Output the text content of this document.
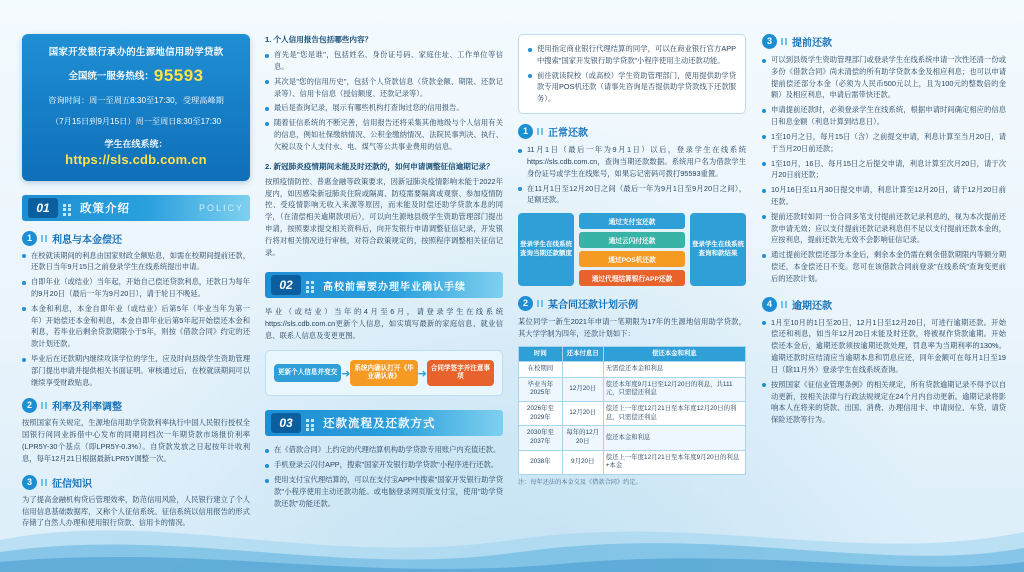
国家开发银行承办的生源地信用助学贷款
全国统一服务热线：95593
咨询时间：周一至周五8:30至17:30，受理高峰期
（7月15日到9月15日）周一至周日8:30至17:30
学生在线系统：
https://sls.cdb.com.cn
01	政策介绍	POLICY
1	利息与本金偿还
在校就读期间的利息由国家财政全额贴息，如需在校期间提前还款，还款日当年9月15日之前登录学生在线系统提出申请。
自即年业（或结业）当年起，开始自己偿还贷款利息，还款日为每年的9月20日（最后一年为9月20日），请于轮日不晚延。
本金和利息，本金自即年业（或结业）后第5年（毕业当年为第一年）开始偿还本金和利息，本金自即年业后第5年起开始偿还本金和利息，若毕业后剩余贷款期限小于5年，则按《借款合同》约定的还款计划还款。
毕业后在还款期内继续攻读学位的学生，应及时向县级学生资助管理部门提出申请并提供相关书面证明。审核通过后，在校就读期间可以继续享受财政贴息。
2	利率及利率调整

按照国家有关规定，生源地信用助学贷款利率执行中国人民银行授权全国银行间同业拆借中心发布的同期同档次一年期贷款市场报价利率(LPR5Y-30个基点（即LPR5Y-0.3%）。自贷款发放之日起按年计收利息，每年12月21日根据最新LPR5Y调整一次。

3	征信知识

为了提高金融机构贷后管理效率，防范信用风险，人民银行建立了个人信用信息基础数据库，又称个人征信系统。征信系统以信用报告的形式存储了自然人办理和使用银行贷款、信用卡的情况。

1. 个人信用报告包括哪些内容？
首先是"您是谁"，包括姓名、身份证号码、家庭住址、工作单位等信息。
其次是"您的信用历史"，包括个人贷款信息（贷款金额、期限、还款记录等）、信用卡信息（授信额度、还款记录等）。
最后是查询记录，展示有哪些机构打查询过您的信用报告。
随着征信系统的不断完善，信用报告还将采集其他地级与个人信用有关的信息，例如社保缴纳情况、公积金缴纳情况、法院民事判决、执行、欠税以及个人支付水、电、煤气等公共事业费用的信息。
2. 新冠肺炎疫情期间未能及时还款的，如何申请调整征信逾期记录？

按照疫情防控、普惠金融等政策要求，因新冠肺炎疫情影响未能于2022年度内，如因感染新冠肺炎住院或隔离、防疫需要隔离或观察、参加疫情防控、受疫情影响无收入来源等原因，而未能及时偿还助学贷款本息的同学，（在清偿相关逾期款项后），可以向生源地县级学生资助管理部门提出申请，按照要求提交相关资料后，向开发银行申请调整征信记录，开发银行将对相关情况进行审核，对符合政策规定的，按照程序调整相关征信记录。

02	高校前需要办理毕业确认手续

毕业（或结业）当年的4月至6月，请登录学生在线系统 https://sls.cdb.com.cn更新个人信息，如实填写最新的家庭信息、就业信息、联系人信息及变更更图。

更新个人信息并变交 ➜ 系统内确认打开《毕业确认表》	➜ 合同学签字并注意事项
03	还款流程及还款方式
在《借款合同》上约定的代理结算机构助学贷款专用账户内充值还款。
手机登录云闪付APP，搜索"国家开发银行助学贷款"小程序进行还款。
使用支付宝代理结算的，可以在支付宝APP中搜索"国家开发银行助学贷款"小程序使用主动还款功能。或电脑登录网页版支付宝，使用"助学贷款还款"功能还款。
使用指定商业银行代理结算的同学，可以在商业银行官方APP中搜索"国家开发银行助学贷款"小程序使用主动还款功能。
前往就读院校（或高校）学生资助管理部门，使用提供助学贷款专用POS机还款（请事先咨询是否提供助学贷款线下还款服务）。
1	正常还款
11月1日（最后一年为9月1日）以后，登录学生在线系统 https://sls.cdb.com.cn，查询当期还款数据。系统用户名为借款学生身份证号或学生在线账号，如果忘记密码可拨打95593重置。
在11月1日至12月20日之间（最后一年为9月1日至9月20日之间），足额还款。
登录学生在线系统查询当期还款额度
通过支付宝还款
通过云闪付还款
通过POS机还款
通过代理结算银行APP还款
登录学生在线系统查询和款结果
2	某合同还款计划示例

某位同学一新生2021年申请一笔期限为17年的生源地信用助学贷款，其大学学制为四年，还款计划如下：

时间	还本付息日	偿还本金和利息
在校期间		无需偿还本金和利息
毕业当年2025年	12月20日	偿还本年度9月1日至12月20日的利息，共111元，只需偿还利息
2026年至2029年	12月20日	偿还上一年度12月21日至本年度12月20日的利息，只需偿还利息
2030年至2037年	每年的12月20日	偿还本金和利息
2038年	9月20日	偿还上一年度12月21日至本年度9月20日的利息+本金
注：每年还法的本金交及《借款合同》约定。
3	提前还款
可以到县级学生资助管理部门或登录学生在线系统申请一次性还清一份或多份《借款合同》尚未清偿的所有助学贷款本金及相应利息；也可以申请提前偿还部分本金（必须为人民币500元以上，且为100元的整数倍的金额）及相应利息，申请后需带快还款。
申请提前还款时，必须登录学生在线系统，根据申请时间确定相应的信息日和息金额（利息计算到结息日）。
1至10月之日，每月15日（含）之前提交申请，利息计算至当月20日，请于当月20日前还款；
1至10月，16日、每月15日之后提交申请，利息计算至次月20日，请于次月20日前还款；
10月16日至11月30日提交申请，利息计算至12月20日，请于12月20日前还款。
提前还款时如同一份合同多笔支付提前还款记录利息的，视为本次提前还款申请无效；应以支付提前还款记录利息但不足以支付提前还款本金的，应按利息，提前还款先无效不会影响征信记录。
通过提前还款偿还部分本金后，剩余本金仍需在剩余借款期限内等额分期偿还，本金偿还日不变。您可在该借款合同前登录"在线系统"查询变更前后的还款计划。
4	逾期还款
1月至10月的1日至20日，12月1日至12月20日，可进行逾期还款。开始偿还和利息，如当年12月20日未能及时还款，将被视作贷款逾期。开始偿还本金后，逾期还款须按逾期还款处理，罚息率为当期利率的130%。逾期还款时应结清应当逾期本息和罚息应还，同年金额可在每月1日至19日（除11月外）登录学生在线系统查询。
按照国家《征信业管理条例》的相关规定，所有贷款逾期记录不得予以自动更新，按相关法律与行政法规规定在24个月内自动更新。逾期记录将影响本人在将来的贷款、出国、消费、办理信用卡、申请岗位、车贷、请贷保险还款等行为。
